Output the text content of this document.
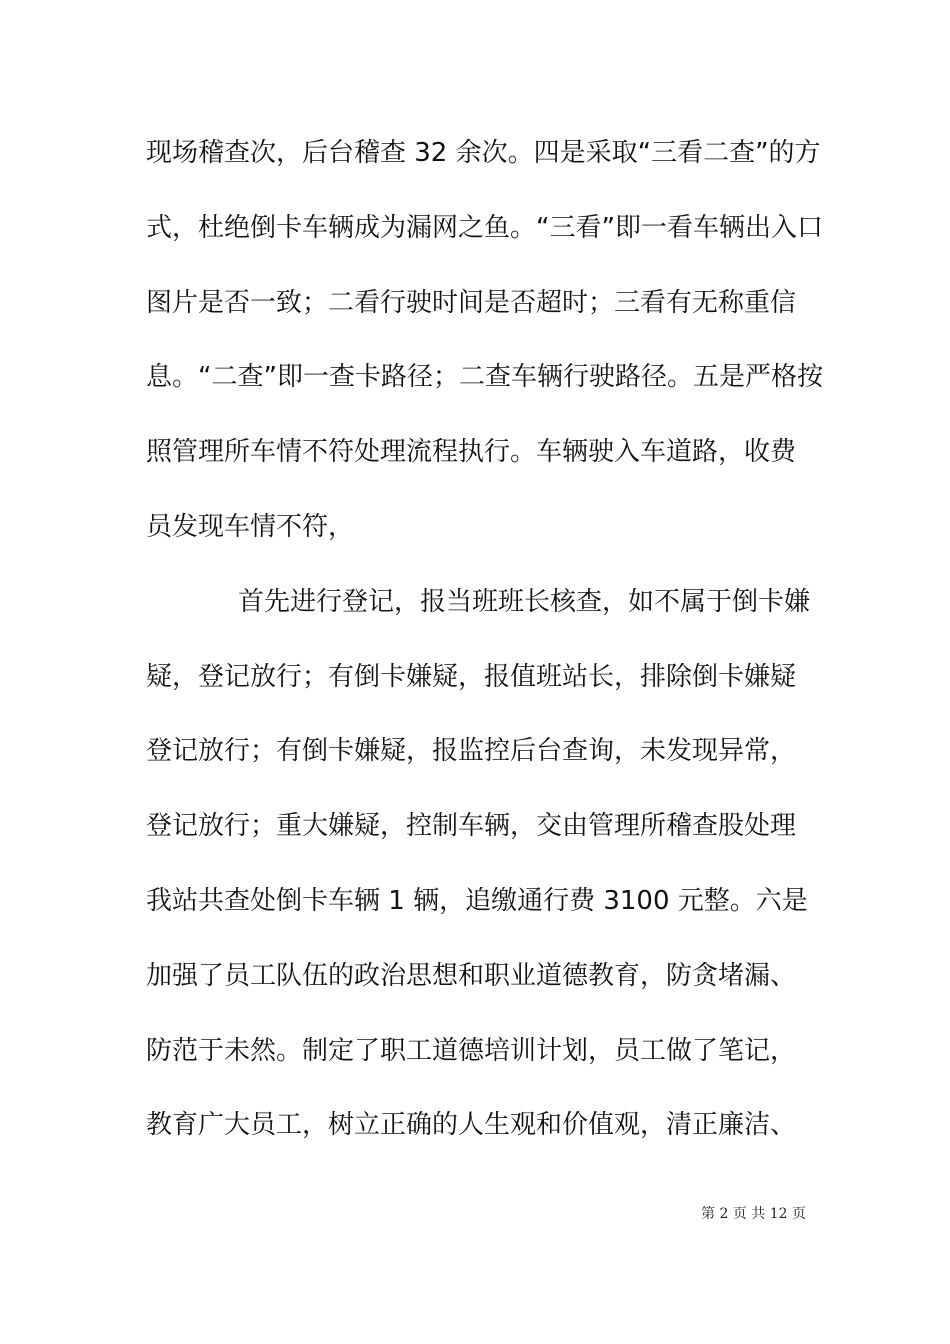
现场稽查次，后台稽查 32 余次。四是采取“三看二查”的方
式，杜绝倒卡车辆成为漏网之鱼。“三看”即一看车辆出入口
图片是否一致；二看行驶时间是否超时；三看有无称重信
息。“二查”即一查卡路径；二查车辆行驶路径。五是严格按
照管理所车情不符处理流程执行。车辆驶入车道路，收费
员发现车情不符，
首先进行登记，报当班班长核查，如不属于倒卡嫌
疑，登记放行；有倒卡嫌疑，报值班站长，排除倒卡嫌疑
登记放行；有倒卡嫌疑，报监控后台查询，未发现异常，
登记放行；重大嫌疑，控制车辆，交由管理所稽查股处理
我站共查处倒卡车辆 1 辆，追缴通行费 3100 元整。六是
加强了员工队伍的政治思想和职业道德教育，防贪堵漏、
防范于未然。制定了职工道德培训计划，员工做了笔记，
教育广大员工，树立正确的人生观和价值观，清正廉洁、
第 2 页 共 12 页
